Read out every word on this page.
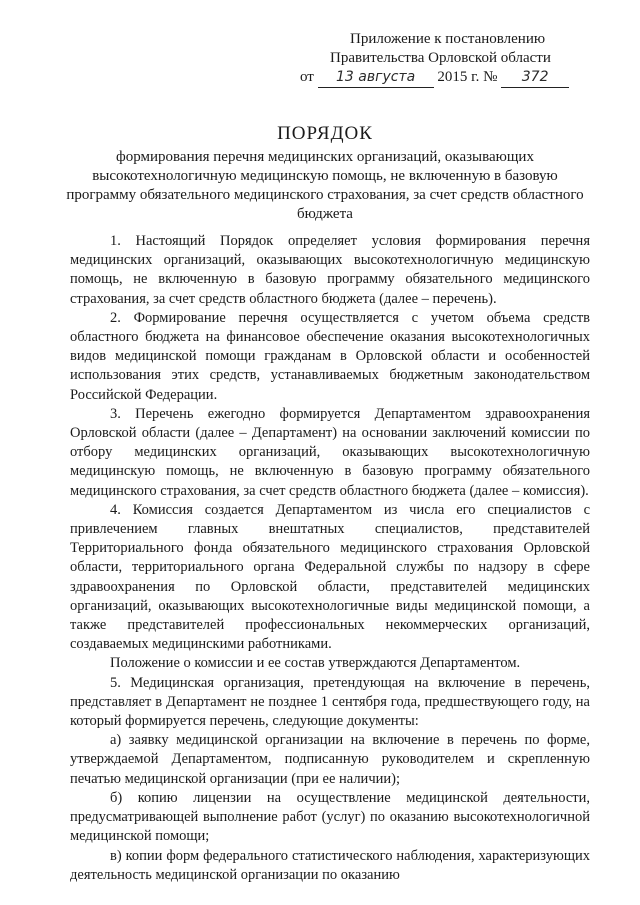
Приложение к постановлению
Правительства Орловской области
от 13 августа 2015 г. № 372
ПОРЯДОК
формирования перечня медицинских организаций, оказывающих высокотехнологичную медицинскую помощь, не включенную в базовую программу обязательного медицинского страхования, за счет средств областного бюджета

1. Настоящий Порядок определяет условия формирования перечня медицинских организаций, оказывающих высокотехнологичную медицинскую помощь, не включенную в базовую программу обязательного медицинского страхования, за счет средств областного бюджета (далее – перечень).

2. Формирование перечня осуществляется с учетом объема средств областного бюджета на финансовое обеспечение оказания высокотехнологичных видов медицинской помощи гражданам в Орловской области и особенностей использования этих средств, устанавливаемых бюджетным законодательством Российской Федерации.

3. Перечень ежегодно формируется Департаментом здравоохранения Орловской области (далее – Департамент) на основании заключений комиссии по отбору медицинских организаций, оказывающих высокотехнологичную медицинскую помощь, не включенную в базовую программу обязательного медицинского страхования, за счет средств областного бюджета (далее – комиссия).

4. Комиссия создается Департаментом из числа его специалистов с привлечением главных внештатных специалистов, представителей Территориального фонда обязательного медицинского страхования Орловской области, территориального органа Федеральной службы по надзору в сфере здравоохранения по Орловской области, представителей медицинских организаций, оказывающих высокотехнологичные виды медицинской помощи, а также представителей профессиональных некоммерческих организаций, создаваемых медицинскими работниками.

Положение о комиссии и ее состав утверждаются Департаментом.

5. Медицинская организация, претендующая на включение в перечень, представляет в Департамент не позднее 1 сентября года, предшествующего году, на который формируется перечень, следующие документы:

а) заявку медицинской организации на включение в перечень по форме, утверждаемой Департаментом, подписанную руководителем и скрепленную печатью медицинской организации (при ее наличии);

б) копию лицензии на осуществление медицинской деятельности, предусматривающей выполнение работ (услуг) по оказанию высокотехнологичной медицинской помощи;

в) копии форм федерального статистического наблюдения, характеризующих деятельность медицинской организации по оказанию
